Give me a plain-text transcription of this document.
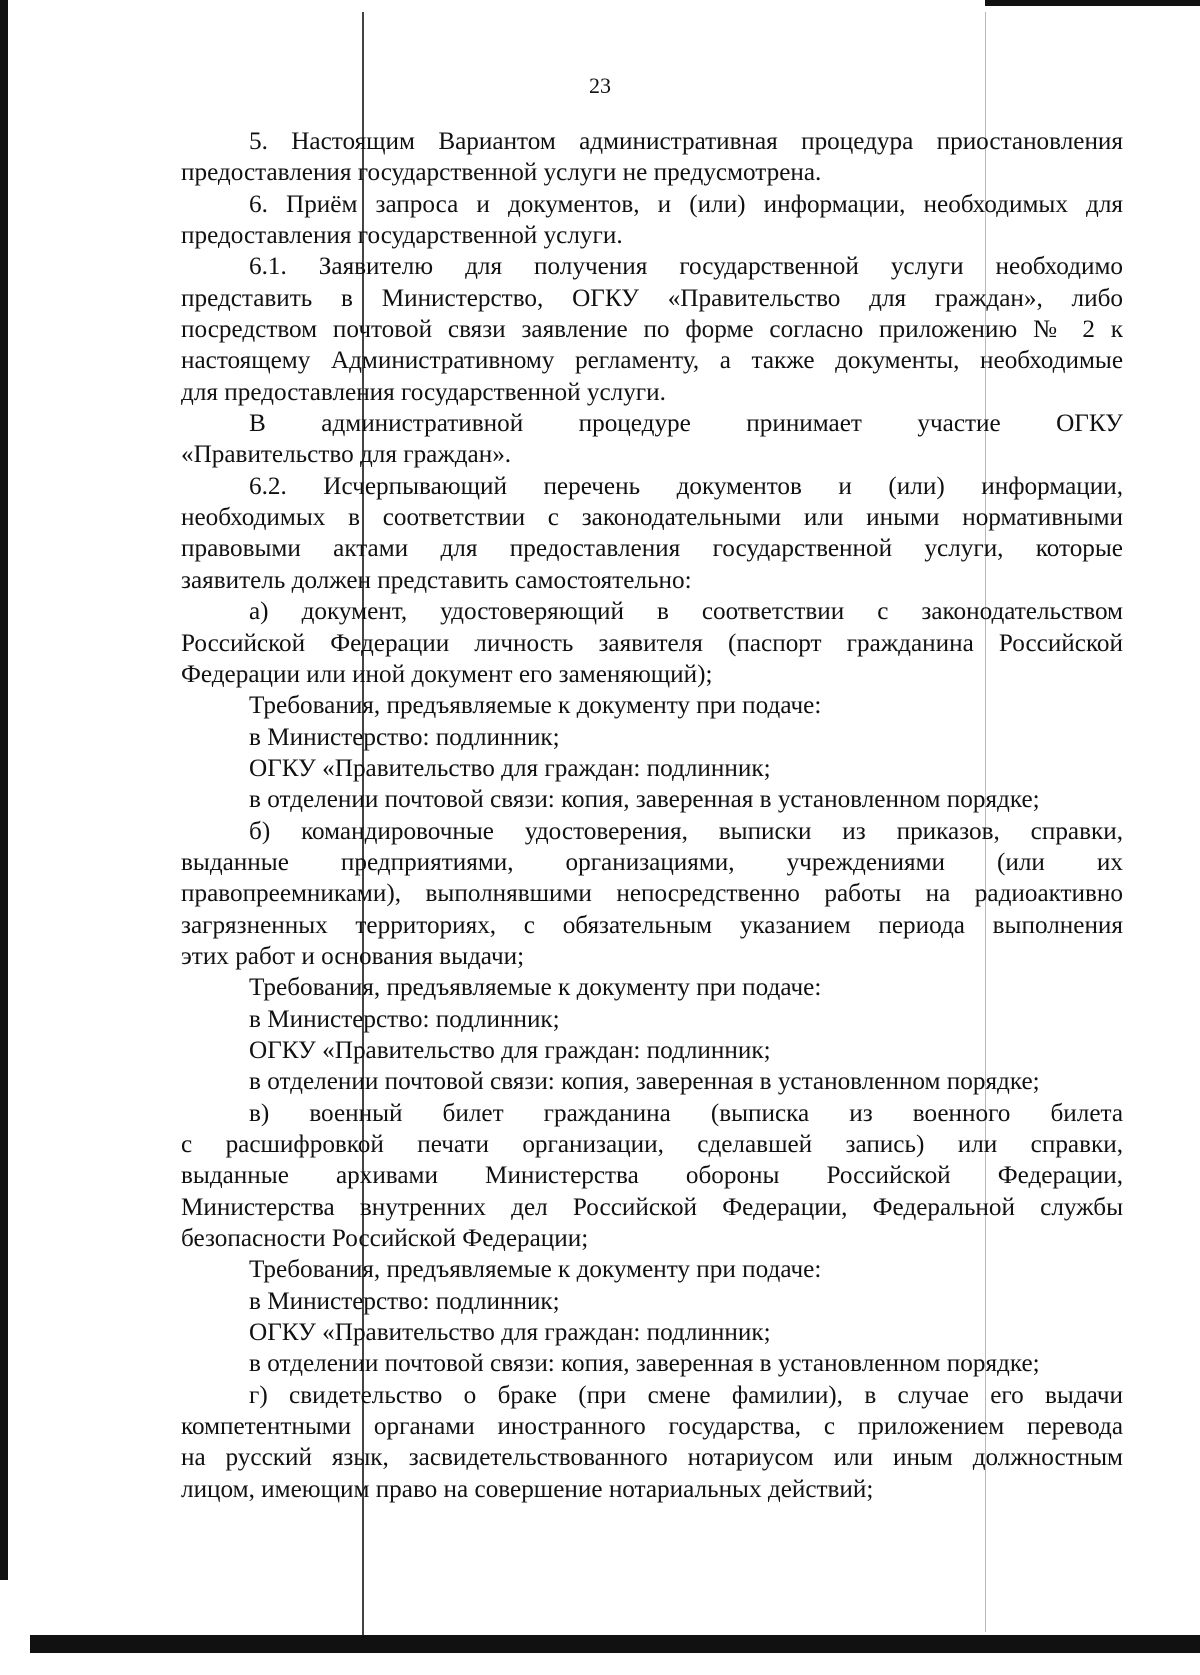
23

5. Настоящим Вариантом административная процедура приостановления

предоставления государственной услуги не предусмотрена.

6. Приём запроса и документов, и (или) информации, необходимых для

предоставления государственной услуги.

6.1. Заявителю для получения государственной услуги необходимо

представить в Министерство, ОГКУ «Правительство для граждан», либо

посредством почтовой связи заявление по форме согласно приложению № 2 к

настоящему Административному регламенту, а также документы, необходимые

для предоставления государственной услуги.

В административной процедуре принимает участие ОГКУ

«Правительство для граждан».

6.2. Исчерпывающий перечень документов и (или) информации,

необходимых в соответствии с законодательными или иными нормативными

правовыми актами для предоставления государственной услуги, которые

заявитель должен представить самостоятельно:

а) документ, удостоверяющий в соответствии с законодательством

Российской Федерации личность заявителя (паспорт гражданина Российской

Федерации или иной документ его заменяющий);

Требования, предъявляемые к документу при подаче:

в Министерство: подлинник;

ОГКУ «Правительство для граждан: подлинник;

в отделении почтовой связи: копия, заверенная в установленном порядке;

б) командировочные удостоверения, выписки из приказов, справки,

выданные предприятиями, организациями, учреждениями (или их

правопреемниками), выполнявшими непосредственно работы на радиоактивно

загрязненных территориях, с обязательным указанием периода выполнения

этих работ и основания выдачи;

Требования, предъявляемые к документу при подаче:

в Министерство: подлинник;

ОГКУ «Правительство для граждан: подлинник;

в отделении почтовой связи: копия, заверенная в установленном порядке;

в) военный билет гражданина (выписка из военного билета

с расшифровкой печати организации, сделавшей запись) или справки,

выданные архивами Министерства обороны Российской Федерации,

Министерства внутренних дел Российской Федерации, Федеральной службы

безопасности Российской Федерации;

Требования, предъявляемые к документу при подаче:

в Министерство: подлинник;

ОГКУ «Правительство для граждан: подлинник;

в отделении почтовой связи: копия, заверенная в установленном порядке;

г) свидетельство о браке (при смене фамилии), в случае его выдачи

компетентными органами иностранного государства, с приложением перевода

на русский язык, засвидетельствованного нотариусом или иным должностным

лицом, имеющим право на совершение нотариальных действий;
